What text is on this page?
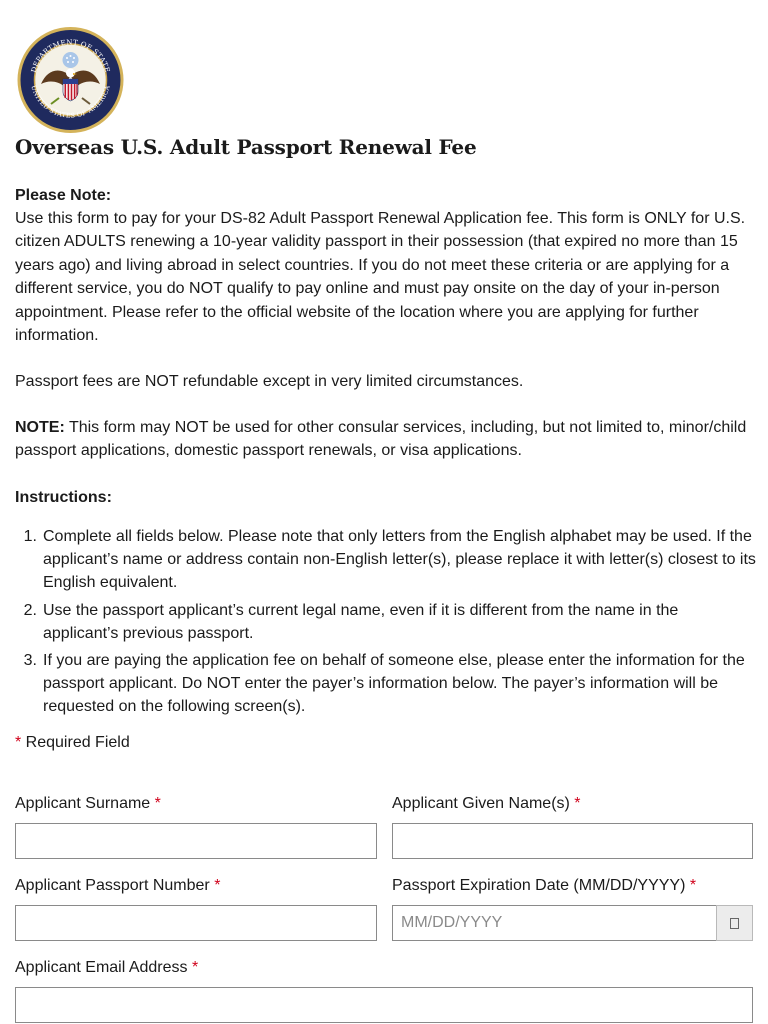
DEPARTMENT OF STATE
UNITED STATES OF AMERICA
Overseas U.S. Adult Passport Renewal Fee
Please Note:

Use this form to pay for your DS-82 Adult Passport Renewal Application fee. This form is ONLY for U.S. citizen ADULTS renewing a 10-year validity passport in their possession (that expired no more than 15 years ago) and living abroad in select countries. If you do not meet these criteria or are applying for a different service, you do NOT qualify to pay online and must pay onsite on the day of your in-person appointment. Please refer to the official website of the location where you are applying for further information.

Passport fees are NOT refundable except in very limited circumstances.

NOTE: This form may NOT be used for other consular services, including, but not limited to, minor/child passport applications, domestic passport renewals, or visa applications.

Instructions:
1. Complete all fields below. Please note that only letters from the English alphabet may be used. If the applicant’s name or address contain non-English letter(s), please replace it with letter(s) closest to its English equivalent.
2. Use the passport applicant’s current legal name, even if it is different from the name in the applicant’s previous passport.
3. If you are paying the application fee on behalf of someone else, please enter the information for the passport applicant. Do NOT enter the payer’s information below. The payer’s information will be requested on the following screen(s).
* Required Field
Applicant Surname *	Applicant Given Name(s) *
Applicant Passport Number *	Passport Expiration Date (MM/DD/YYYY) *
MM/DD/YYYY
Applicant Email Address *
